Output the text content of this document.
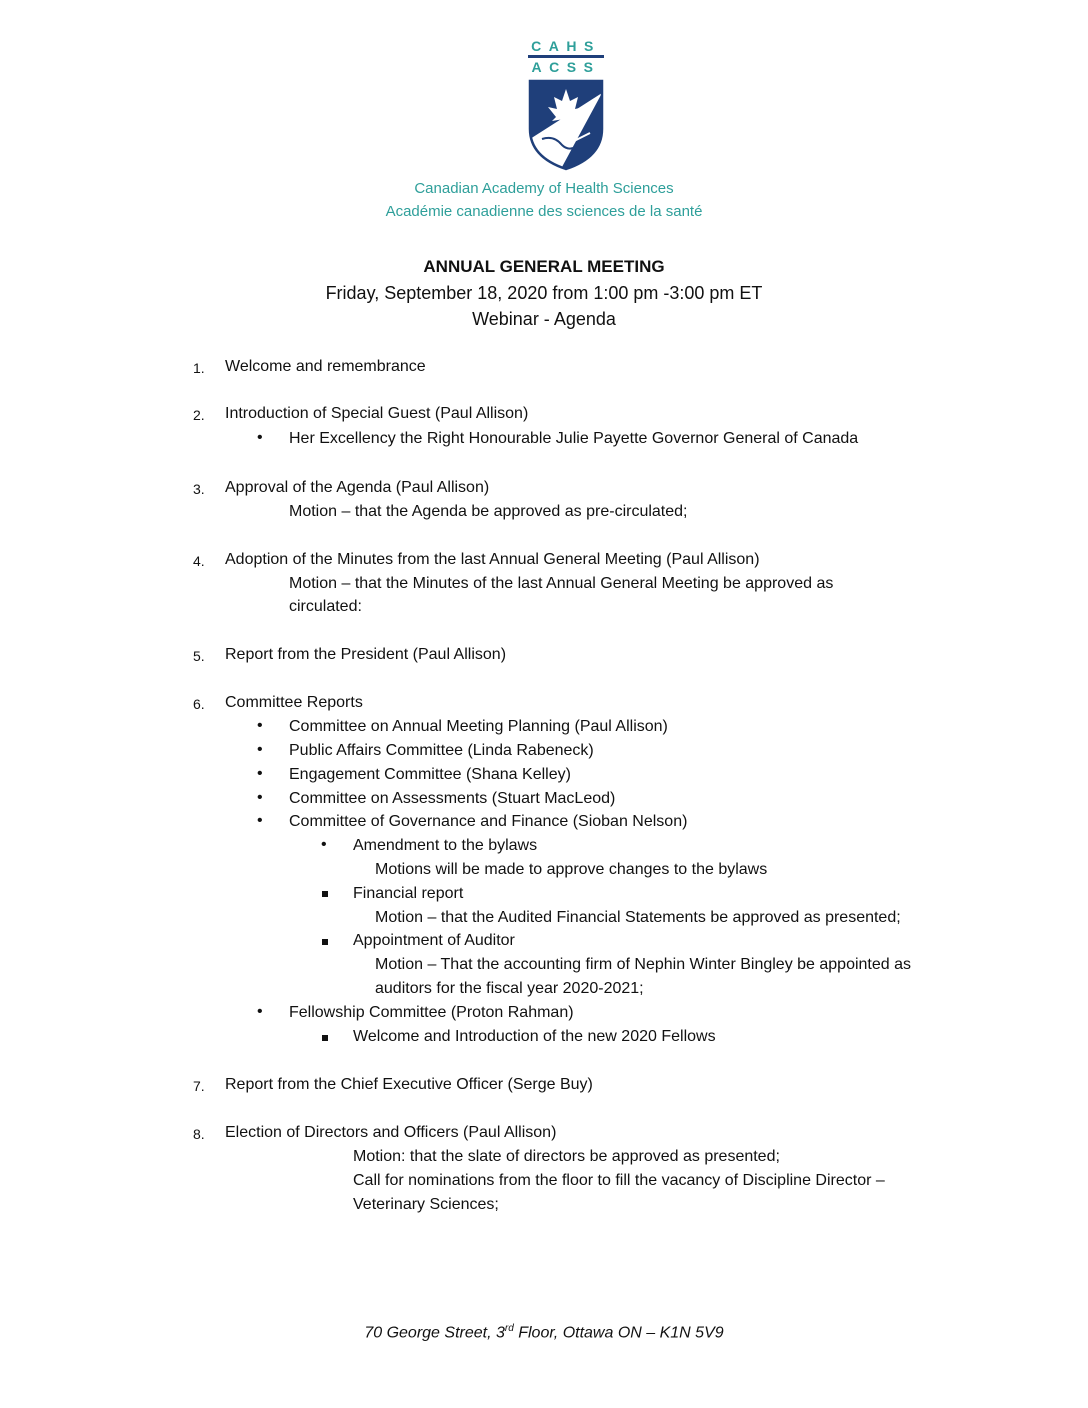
CAHS
ACSS
Canadian Academy of Health Sciences
Académie canadienne des sciences de la santé
ANNUAL GENERAL MEETING
Friday, September 18, 2020 from 1:00 pm -3:00 pm ET
Webinar - Agenda
1. Welcome and remembrance
2. Introduction of Special Guest (Paul Allison)
• Her Excellency the Right Honourable Julie Payette Governor General of Canada
3. Approval of the Agenda (Paul Allison)
Motion – that the Agenda be approved as pre-circulated;
4. Adoption of the Minutes from the last Annual General Meeting (Paul Allison)
Motion – that the Minutes of the last Annual General Meeting be approved as
circulated:
5. Report from the President (Paul Allison)
6. Committee Reports
• Committee on Annual Meeting Planning (Paul Allison)
• Public Affairs Committee (Linda Rabeneck)
• Engagement Committee (Shana Kelley)
• Committee on Assessments (Stuart MacLeod)
• Committee of Governance and Finance (Sioban Nelson)
• Amendment to the bylaws
Motions will be made to approve changes to the bylaws
Financial report
Motion – that the Audited Financial Statements be approved as presented;
Appointment of Auditor
Motion – That the accounting firm of Nephin Winter Bingley be appointed as
auditors for the fiscal year 2020-2021;
• Fellowship Committee (Proton Rahman)
Welcome and Introduction of the new 2020 Fellows
7. Report from the Chief Executive Officer (Serge Buy)
8. Election of Directors and Officers (Paul Allison)
Motion: that the slate of directors be approved as presented;
Call for nominations from the floor to fill the vacancy of Discipline Director –
Veterinary Sciences;
70 George Street, 3rd Floor, Ottawa ON – K1N 5V9
